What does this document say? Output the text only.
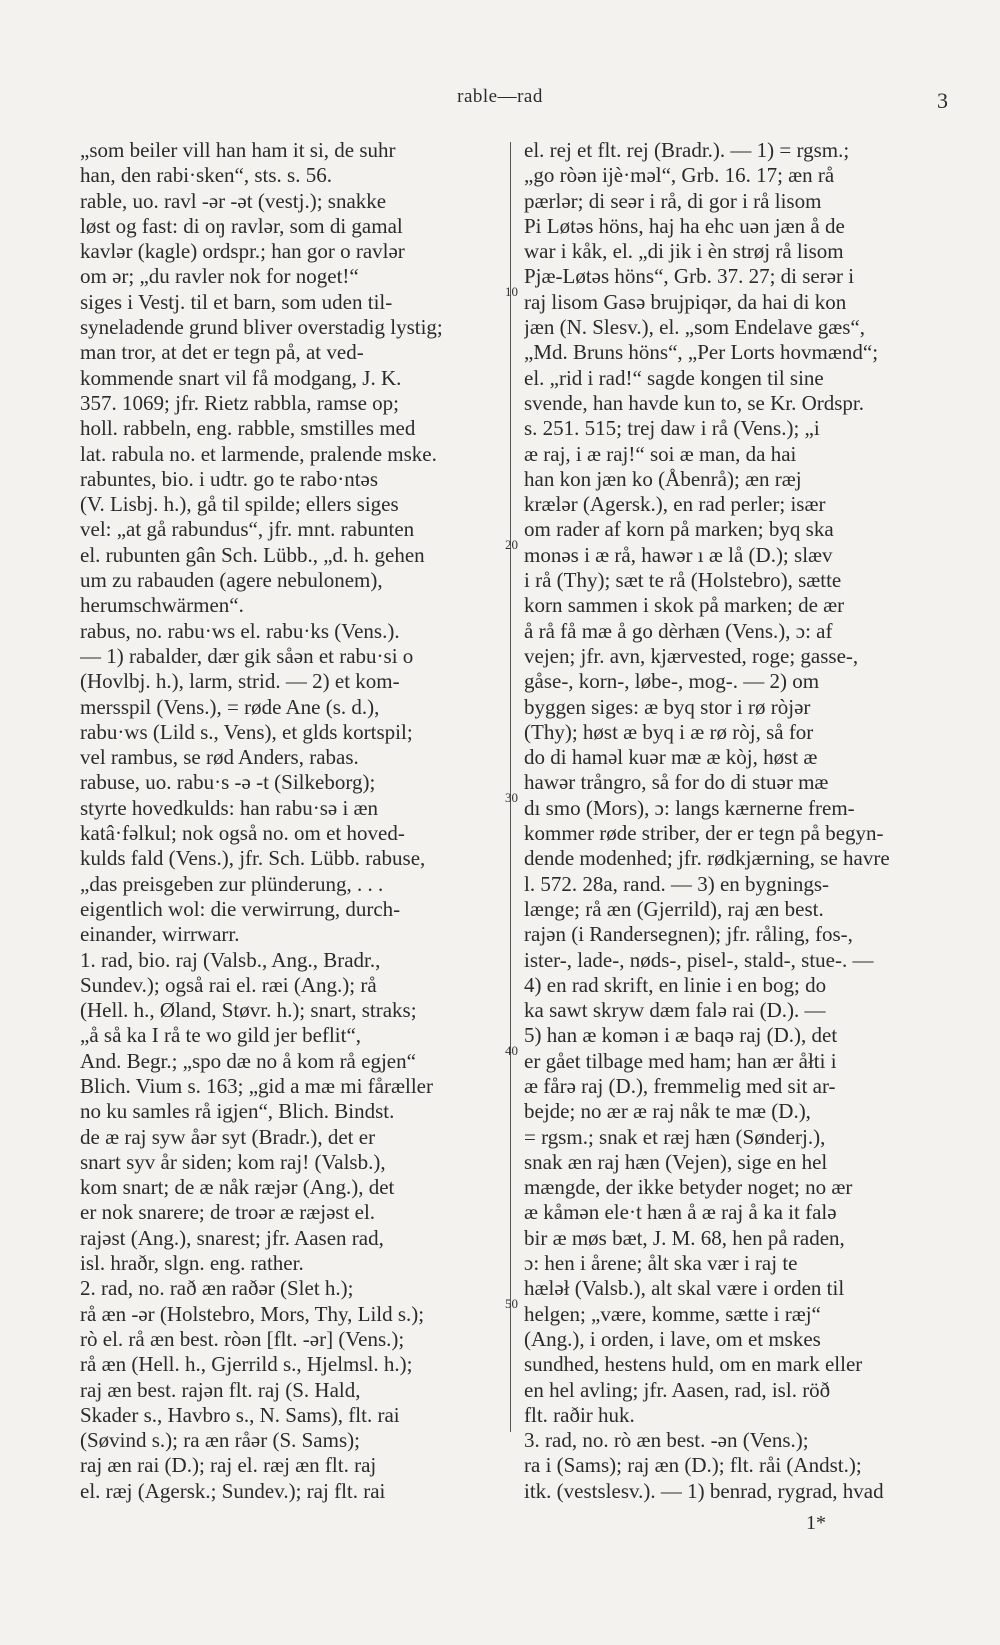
rable—rad	3
„som beiler vill han ham it si, de suhr
han, den rabi·sken“, sts. s. 56.
rable, uo. ravl -ər -ət (vestj.); snakke
løst og fast: di oŋ ravlər, som di gamal
kavlər (kagle) ordspr.; han gor o ravlər
om ər; „du ravler nok for noget!“
siges i Vestj. til et barn, som uden til-
syneladende grund bliver overstadig lystig;
man tror, at det er tegn på, at ved-
kommende snart vil få modgang, J. K.
357. 1069; jfr. Rietz rabbla, ramse op;
holl. rabbeln, eng. rabble, smstilles med
lat. rabula no. et larmende, pralende mske.
rabuntes, bio. i udtr. go te rabo·ntəs
(V. Lisbj. h.), gå til spilde; ellers siges
vel: „at gå rabundus“, jfr. mnt. rabunten
el. rubunten gân Sch. Lübb., „d. h. gehen
um zu rabauden (agere nebulonem),
herumschwärmen“.
rabus, no. rabu·ws el. rabu·ks (Vens.).
— 1) rabalder, dær gik såən et rabu·si o
(Hovlbj. h.), larm, strid. — 2) et kom-
mersspil (Vens.), = røde Ane (s. d.),
rabu·ws (Lild s., Vens), et glds kortspil;
vel rambus, se rød Anders, rabas.
rabuse, uo. rabu·s -ə -t (Silkeborg);
styrte hovedkulds: han rabu·sə i æn
katâ·fəlkul; nok også no. om et hoved-
kulds fald (Vens.), jfr. Sch. Lübb. rabuse,
„das preisgeben zur plünderung, . . .
eigentlich wol: die verwirrung, durch-
einander, wirrwarr.
1. rad, bio. raj (Valsb., Ang., Bradr.,
Sundev.); også rai el. ræi (Ang.); rå
(Hell. h., Øland, Støvr. h.); snart, straks;
„å så ka I rå te wo gild jer beflit“,
And. Begr.; „spo dæ no å kom rå egjen“
Blich. Vium s. 163; „gid a mæ mi fåræller
no ku samles rå igjen“, Blich. Bindst.
de æ raj syw åər syt (Bradr.), det er
snart syv år siden; kom raj! (Valsb.),
kom snart; de æ nåk ræjər (Ang.), det
er nok snarere; de troər æ ræjəst el.
rajəst (Ang.), snarest; jfr. Aasen rad,
isl. hraðr, slgn. eng. rather.
2. rad, no. rað æn raðər (Slet h.);
rå æn -ər (Holstebro, Mors, Thy, Lild s.);
rò el. rå æn best. ròən [flt. -ər] (Vens.);
rå æn (Hell. h., Gjerrild s., Hjelmsl. h.);
raj æn best. rajən flt. raj (S. Hald,
Skader s., Havbro s., N. Sams), flt. rai
(Søvind s.); ra æn råər (S. Sams);
raj æn rai (D.); raj el. ræj æn flt. raj
el. ræj (Agersk.; Sundev.); raj flt. rai
el. rej et flt. rej (Bradr.). — 1) = rgsm.;
„go ròən ijè·məl“, Grb. 16. 17; æn rå
pærlər; di seər i rå, di gor i rå lisom
Pi Løtəs höns, haj ha ehc uən jæn å de
war i kåk, el. „di jik i èn strøj rå lisom
Pjæ-Løtəs höns“, Grb. 37. 27; di serər i
raj lisom Gasə brujpiqər, da hai di kon
jæn (N. Slesv.), el. „som Endelave gæs“,
„Md. Bruns höns“, „Per Lorts hovmænd“;
el. „rid i rad!“ sagde kongen til sine
svende, han havde kun to, se Kr. Ordspr.
s. 251. 515; trej daw i rå (Vens.); „i
æ raj, i æ raj!“ soi æ man, da hai
han kon jæn ko (Åbenrå); æn ræj
krælər (Agersk.), en rad perler; især
om rader af korn på marken; byq ska
monəs i æ rå, hawər ı æ lå (D.); slæv
i rå (Thy); sæt te rå (Holstebro), sætte
korn sammen i skok på marken; de ær
å rå få mæ å go dèrhæn (Vens.), ɔ: af
vejen; jfr. avn, kjærvested, roge; gasse-,
gåse-, korn-, løbe-, mog-. — 2) om
byggen siges: æ byq stor i rø ròjər
(Thy); høst æ byq i æ rø ròj, så for
do di haməl kuər mæ æ kòj, høst æ
hawər trångro, så for do di stuər mæ
dı smo (Mors), ɔ: langs kærnerne frem-
kommer røde striber, der er tegn på begyn-
dende modenhed; jfr. rødkjærning, se havre
l. 572. 28a, rand. — 3) en bygnings-
længe; rå æn (Gjerrild), raj æn best.
rajən (i Randersegnen); jfr. råling, fos-,
ister-, lade-, nøds-, pisel-, stald-, stue-. —
4) en rad skrift, en linie i en bog; do
ka sawt skryw dæm falə rai (D.). —
5) han æ komən i æ baqə raj (D.), det
er gået tilbage med ham; han ær åłti i
æ fårə raj (D.), fremmelig med sit ar-
bejde; no ær æ raj nåk te mæ (D.),
= rgsm.; snak et ræj hæn (Sønderj.),
snak æn raj hæn (Vejen), sige en hel
mængde, der ikke betyder noget; no ær
æ kåmən ele·t hæn å æ raj å ka it falə
bir æ møs bæt, J. M. 68, hen på raden,
ɔ: hen i årene; ålt ska vær i raj te
hæləł (Valsb.), alt skal være i orden til
helgen; „være, komme, sætte i ræj“
(Ang.), i orden, i lave, om et mskes
sundhed, hestens huld, om en mark eller
en hel avling; jfr. Aasen, rad, isl. röð
flt. raðir huk.
3. rad, no. rò æn best. -ən (Vens.);
ra i (Sams); raj æn (D.); flt. råi (Andst.);
itk. (vestslesv.). — 1) benrad, rygrad, hvad
10
20
30
40
50
1*
